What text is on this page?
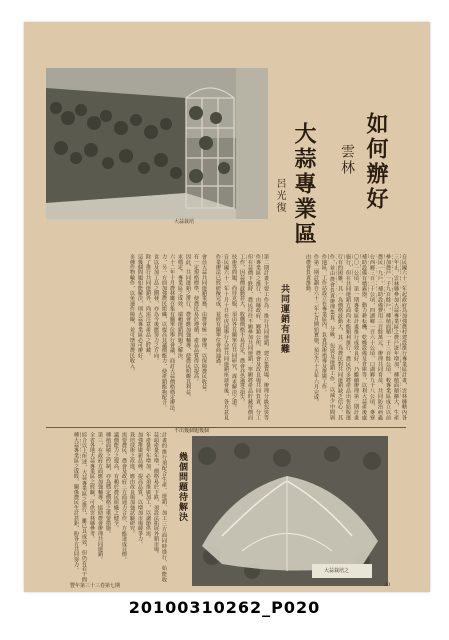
大蒜栽培
如何辦好
雲林
大蒜專業區
呂光復
自民國六十二年起政府為加強農村建設推行專業區計畫，雲林縣轄內各
三年止，雲林縣參加大蒜專業區之農戶逐年增加，種植面積擴大，生產
參加農戶一千九百餘戶，種植面積一千三百餘公頃，較專業區成立以前
農民一九戶，補助設備費用三百餘萬元，辦理共同育苗、共同防治病蟲
台西鄉三百二十公頃，四湖鄉一百六十公頃，口湖鄉九十八公頃，麥寮
補助設備有噴霧器、動力耕耘機、乾燥設備及倉庫等，以利大蒜產後處
〇〇一公頃，第一期專業區計畫推行成效良好，乃繼續辦理第二期計畫
施行，但在共同運銷方面尚未能順利推行，農民仍多將產品出售給販運
行有的困難，其一為價格波動大，其二為農民對共同運銷缺乏信心，其
作，並由農會負責辦理集貨、分級、包裝及運銷工作，以減少中間剝
作地區，工作站設立在專業區內，負責技術指導及推廣工作。
作第二期計劃自六十二年七月開始實施，預定六十五年六月完成。
由農會負責推動。
共同運銷有困難
第二期計畫主要工作為：推行共同運銷、建立集貨場、辦理分級包裝等
作專業區之推行，由縣政府、鄉鎮公所、農會及改良場共同負責，分工
但在蒜價下跌時，農民往往不願參加共同運銷，寧願將產品貯藏待價而
工作，因蒜價波動甚大，收購價格不易訂定，農會亦恐遭受損失。
技術等問題，尚待克服，須由各有關單位共同研究，謀求解決之道。
自民國六十二年十月十日在虎尾舉行大蒜共同運銷座談會後，各方意見
作業辦法已經研擬完成，並經有關單位會商通過。
會員大蒜共同運銷業務，由農會統一辦理，以保障農民收益。
有一定規格標準，使農民易於遵循，產品品質得以提高。
因此，共同運銷之推行，農會應加強輔導，使農民明瞭其利益。
求穩定。專業區之成效，端賴運銷問題之解決。
六十二年十月農林廳召集有關單位舉行會議，商討大蒜價格穩定辦法。
力，另一方面加強農民組織，以提高其議價能力，使產銷能夠配合。
食以及加工品之開發，亦為今後應努力之方向。
除了推行共同運銷外，尚需注意產品之貯藏。
這幾個問題如能解決，則大蒜專業區必可辦好。
多種作物輪作，以免連作障礙，並可增加農民收入。
幾個問題待解決
計畫的推行須配合生產、運銷、加工三方面同時進行，始能收
蒜頭產量年增，價格易於下跌，須設法拓展外銷市場。
年產量年年增加，必須推廣加工，以調節供需。
加強推廣新品種，提高品質，以增加市場競爭力。
栽培技術之改進，應由改良場加強試驗研究。
需要農民、農會及政府三方面通力合作，方能達成目標。
議價能力之提高，有賴於農民組織之健全。
種植面積之控制，亦為穩定價格之重要措施。
第三，在政府方面應加強輔導，協助農會辦理共同運銷。
全省各地大蒜專業區之經驗，可供雲林縣參考。
綜合以上所述，大蒜專業區之推行，雖已具成效，但仍有若干問
種大蒜專業區之成敗，關係農民生計甚鉅，盼各方共同努力。
不出幾個題幾個
大蒜栽培之
豐年第三十三卷第七期	20
20100310262_P020
